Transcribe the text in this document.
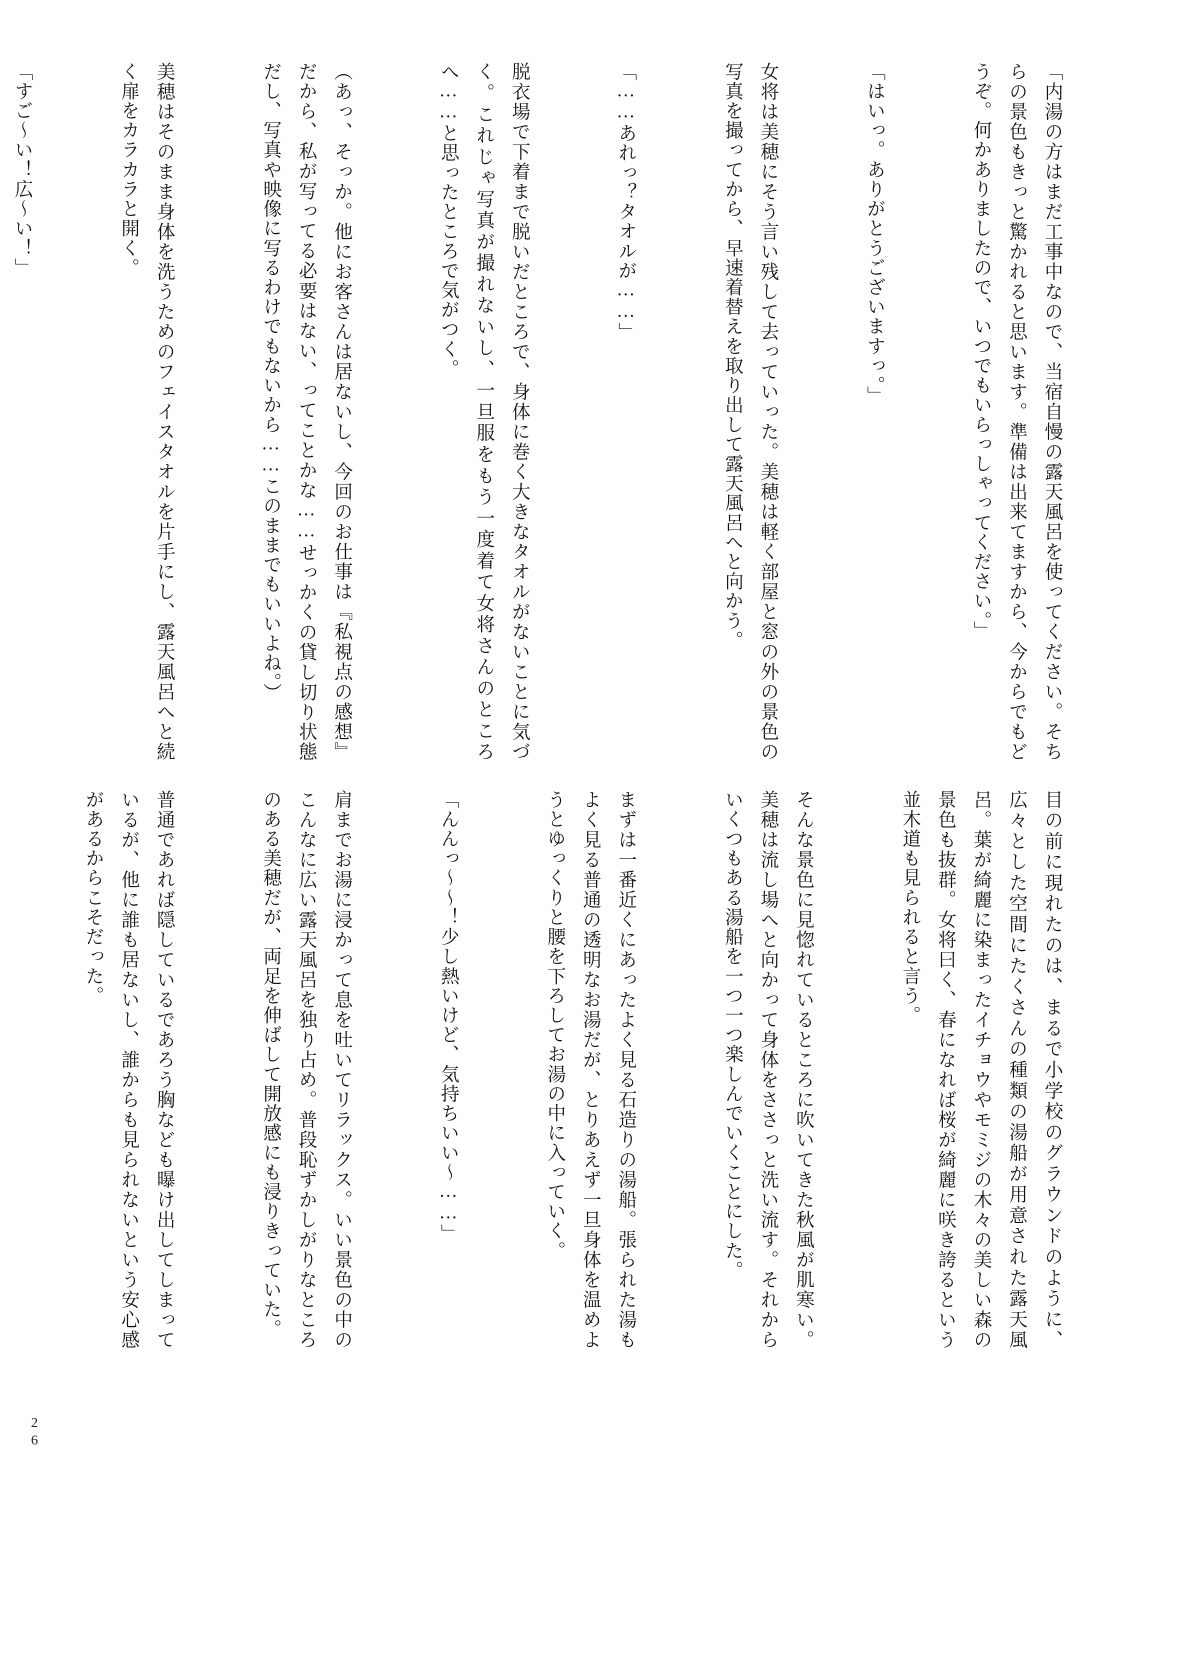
「内湯の方はまだ工事中なので、当宿自慢の露天風呂を使ってください。そちらの景色もきっと驚かれると思います。準備は出来てますから、今からでもどうぞ。何かありましたので、いつでもいらっしゃってください。」

「はいっ。ありがとうございますっ。」

女将は美穂にそう言い残して去っていった。美穂は軽く部屋と窓の外の景色の写真を撮ってから、早速着替えを取り出して露天風呂へと向かう。

「……あれっ？タオルが……」

脱衣場で下着まで脱いだところで、身体に巻く大きなタオルがないことに気づく。これじゃ写真が撮れないし、一旦服をもう一度着て女将さんのところへ……と思ったところで気がつく。

（あっ、そっか。他にお客さんは居ないし、今回のお仕事は『私視点の感想』だから、私が写ってる必要はない、ってことかな……せっかくの貸し切り状態だし、写真や映像に写るわけでもないから……このままでもいいよね。）

美穂はそのまま身体を洗うためのフェイスタオルを片手にし、露天風呂へと続く扉をカラカラと開く。

「すご〜い！広〜い！」

目の前に現れたのは、まるで小学校のグラウンドのように、広々とした空間にたくさんの種類の湯船が用意された露天風呂。葉が綺麗に染まったイチョウやモミジの木々の美しい森の景色も抜群。女将曰く、春になれば桜が綺麗に咲き誇るという並木道も見られると言う。

そんな景色に見惚れているところに吹いてきた秋風が肌寒い。美穂は流し場へと向かって身体をささっと洗い流す。それからいくつもある湯船を一つ一つ楽しんでいくことにした。

まずは一番近くにあったよく見る石造りの湯船。張られた湯もよく見る普通の透明なお湯だが、とりあえず一旦身体を温めようとゆっくりと腰を下ろしてお湯の中に入っていく。

「んんっ〜〜！少し熱いけど、気持ちいい〜……」

肩までお湯に浸かって息を吐いてリラックス。いい景色の中のこんなに広い露天風呂を独り占め。普段恥ずかしがりなところのある美穂だが、両足を伸ばして開放感にも浸りきっていた。

普通であれば隠しているであろう胸なども曝け出してしまっているが、他に誰も居ないし、誰からも見られないという安心感があるからこそだった。

26
